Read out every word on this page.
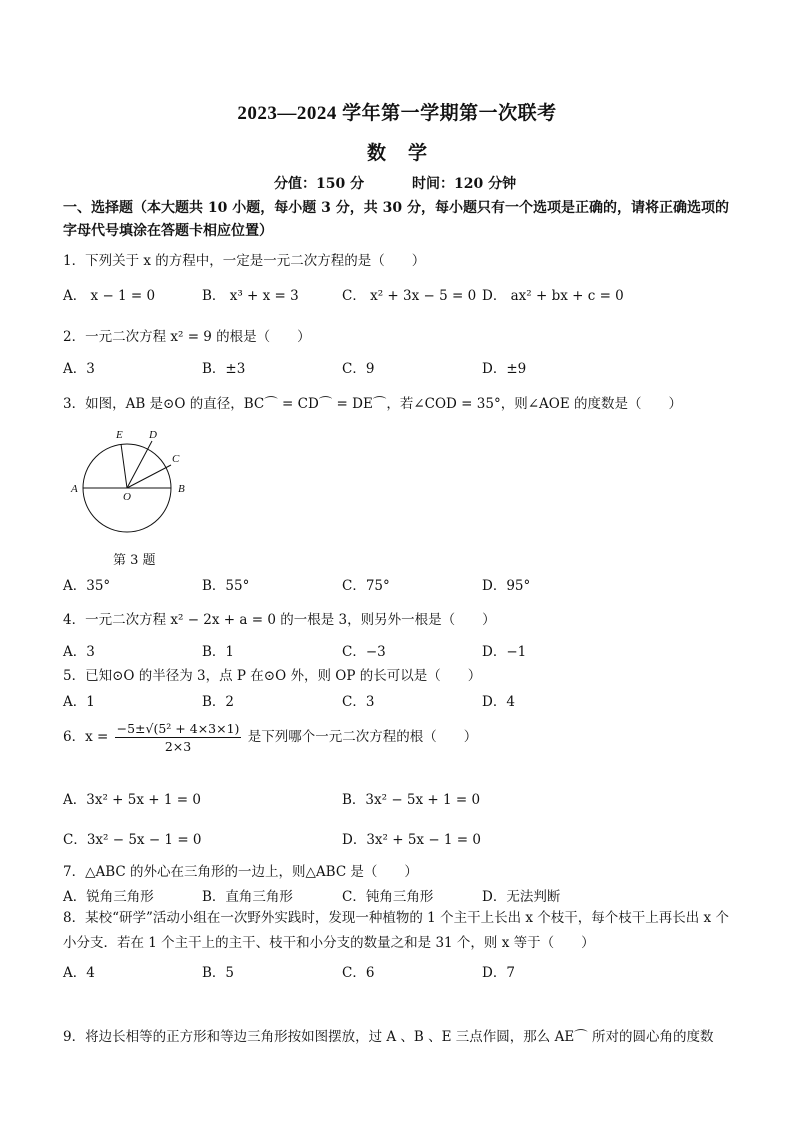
2023—2024 学年第一学期第一次联考
数学
分值：150 分	时间：120 分钟
一、选择题（本大题共 10 小题，每小题 3 分，共 30 分，每小题只有一个选项是正确的，请将正确选项的字母代号填涂在答题卡相应位置）
1．下列关于 x 的方程中，一定是一元二次方程的是（　　）
A． x − 1 = 0	B． x³ + x = 3	C． x² + 3x − 5 = 0 D． ax² + bx + c = 0
2．一元二次方程 x² = 9 的根是（　　）
A．3	B．±3	C．9	D．±9
3．如图，AB 是⊙O 的直径，BC⌒ = CD⌒ = DE⌒，若∠COD = 35°，则∠AOE 的度数是（　　）
A	B
O
C
D
E
第 3 题
A．35°	B．55°	C．75°	D．95°
4．一元二次方程 x² − 2x + a = 0 的一根是 3，则另外一根是（　　）
A．3	B．1	C．−3	D．−1
5．已知⊙O 的半径为 3，点 P 在⊙O 外，则 OP 的长可以是（　　）
A．1	B．2	C．3	D．4
6．$x = \frac{\text{−5±√(5² + 4×3×1)}}{2\times 3}$ 是下列哪个一元二次方程的根（　　）
A．3x² + 5x + 1 = 0	B．3x² − 5x + 1 = 0
C．3x² − 5x − 1 = 0	D．3x² + 5x − 1 = 0
7．△ABC 的外心在三角形的一边上，则△ABC 是（　　）
A．锐角三角形	B．直角三角形	C．钝角三角形	D．无法判断
8．某校“研学”活动小组在一次野外实践时，发现一种植物的 1 个主干上长出 x 个枝干，每个枝干上再长出 x 个小分支．若在 1 个主干上的主干、枝干和小分支的数量之和是 31 个，则 x 等于（　　）
A．4	B．5	C．6	D．7
9．将边长相等的正方形和等边三角形按如图摆放，过 A 、B 、E 三点作圆，那么 AE⌒ 所对的圆心角的度数
